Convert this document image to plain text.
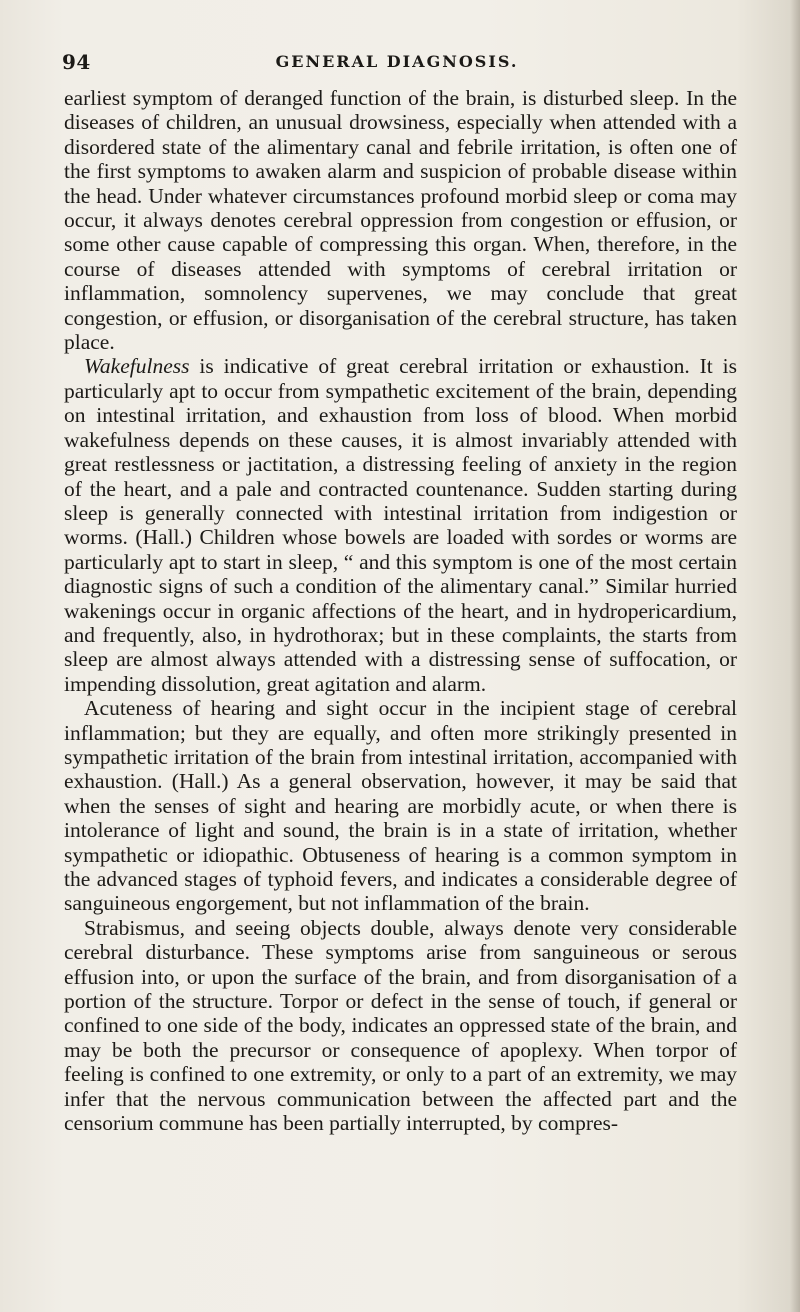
94	GENERAL DIAGNOSIS.

earliest symptom of deranged function of the brain, is disturbed sleep. In the diseases of children, an unusual drowsiness, especially when attended with a disordered state of the alimentary canal and febrile irritation, is often one of the first symptoms to awaken alarm and suspicion of probable disease within the head. Under whatever circumstances profound morbid sleep or coma may occur, it always denotes cerebral oppression from congestion or effusion, or some other cause capable of compressing this organ. When, therefore, in the course of diseases attended with symptoms of cerebral irritation or inflammation, somnolency supervenes, we may conclude that great congestion, or effusion, or disorganisation of the cerebral structure, has taken place.

Wakefulness is indicative of great cerebral irritation or exhaustion. It is particularly apt to occur from sympathetic excitement of the brain, depending on intestinal irritation, and exhaustion from loss of blood. When morbid wakefulness depends on these causes, it is almost invariably attended with great restlessness or jactitation, a distressing feeling of anxiety in the region of the heart, and a pale and contracted countenance. Sudden starting during sleep is generally connected with intestinal irritation from indigestion or worms. (Hall.) Children whose bowels are loaded with sordes or worms are particularly apt to start in sleep, “ and this symptom is one of the most certain diagnostic signs of such a condition of the alimentary canal.” Similar hurried wakenings occur in organic affections of the heart, and in hydropericardium, and frequently, also, in hydrothorax; but in these complaints, the starts from sleep are almost always attended with a distressing sense of suffocation, or impending dissolution, great agitation and alarm.

Acuteness of hearing and sight occur in the incipient stage of cerebral inflammation; but they are equally, and often more strikingly presented in sympathetic irritation of the brain from intestinal irritation, accompanied with exhaustion. (Hall.) As a general observation, however, it may be said that when the senses of sight and hearing are morbidly acute, or when there is intolerance of light and sound, the brain is in a state of irritation, whether sympathetic or idiopathic. Obtuseness of hearing is a common symptom in the advanced stages of typhoid fevers, and indicates a considerable degree of sanguineous engorgement, but not inflammation of the brain.

Strabismus, and seeing objects double, always denote very considerable cerebral disturbance. These symptoms arise from sanguineous or serous effusion into, or upon the surface of the brain, and from disorganisation of a portion of the structure. Torpor or defect in the sense of touch, if general or confined to one side of the body, indicates an oppressed state of the brain, and may be both the precursor or consequence of apoplexy. When torpor of feeling is confined to one extremity, or only to a part of an extremity, we may infer that the nervous communication between the affected part and the censorium commune has been partially interrupted, by compres-
